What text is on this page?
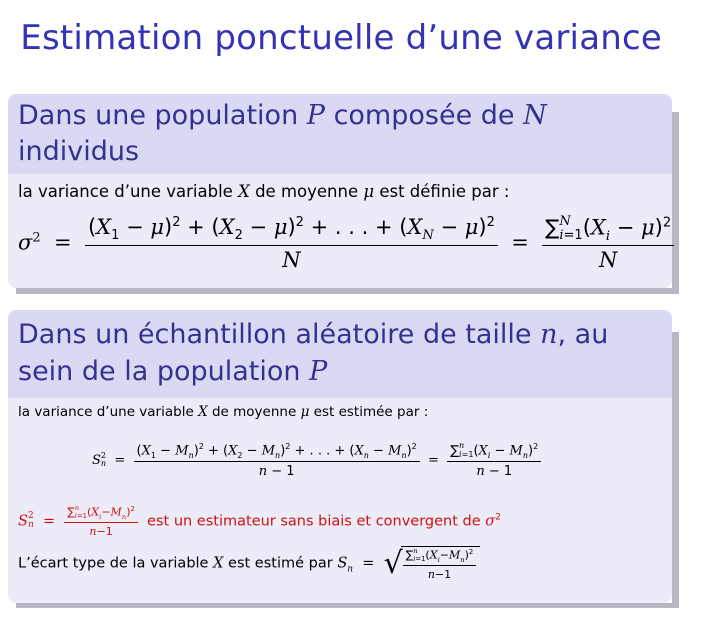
Estimation ponctuelle d’une variance
Dans une population P composée de N
individus
la variance d’une variable X de moyenne μ est définie par :
$\sigma^2 = \frac{(X_1 - \mu)^2 + (X_2 - \mu)^2 + . . . + (X_N - \mu)^2}{N}$ =
∑N
$i=1(X_i - \mu)^2$
N
Dans un échantillon aléatoire de taille n, au sein de la population P
la variance d’une variable X de moyenne μ est estimée par :
S2
$n = \frac{(X_1 - M_n)^2 + (X_2 - M_n)^2 + . . . + (X_n - M_n)^2}{n - 1}$ =
∑n
$i=1(X_i - M_n)^2$
n − 1
S2
n  =
∑n
$i=1(X_i-M_n)^2$
n−1
est un estimateur sans biais et convergent de $\sigma^2$
L’écart type de la variable X est estimé par $S_n$  =  √ ∑n
$i=1(X_i-M_n)^2$
n−1
